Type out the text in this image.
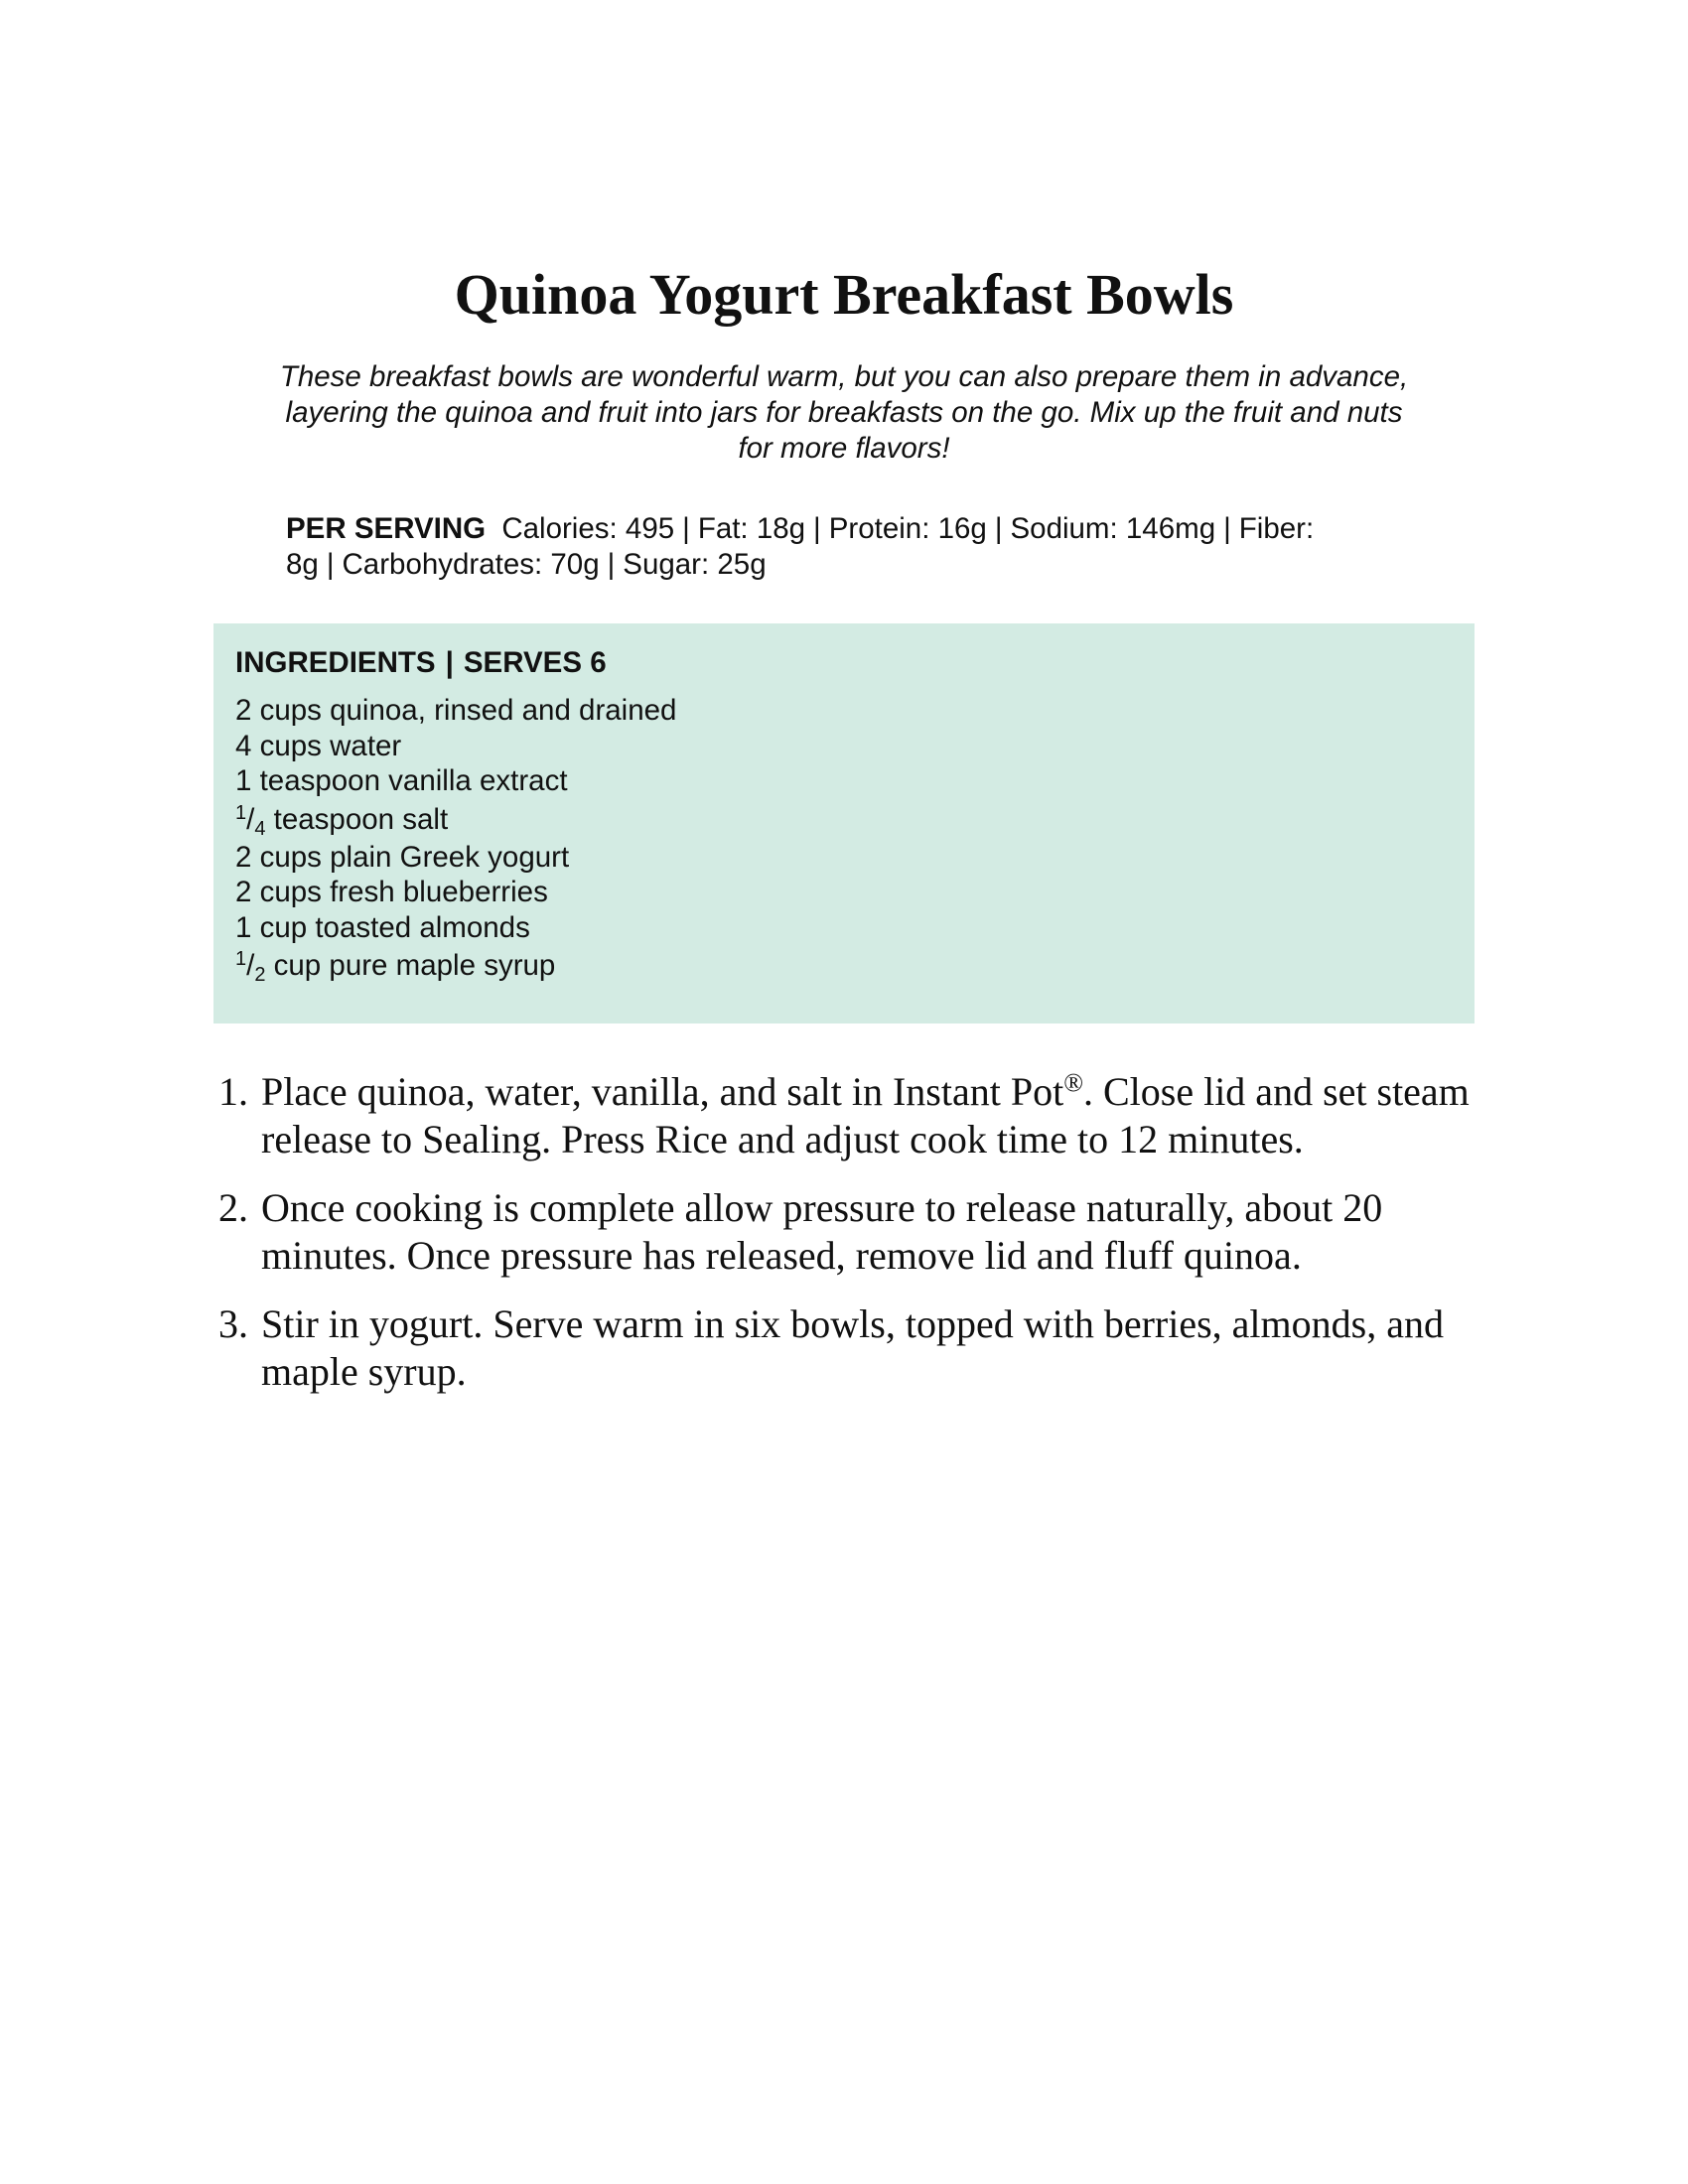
Quinoa Yogurt Breakfast Bowls

These breakfast bowls are wonderful warm, but you can also prepare them in advance, layering the quinoa and fruit into jars for breakfasts on the go. Mix up the fruit and nuts for more flavors!

PER SERVING Calories: 495 | Fat: 18g | Protein: 16g | Sodium: 146mg | Fiber: 8g | Carbohydrates: 70g | Sugar: 25g

INGREDIENTS | SERVES 6
2 cups quinoa, rinsed and drained
4 cups water
1 teaspoon vanilla extract
$^1/_4$ teaspoon salt
2 cups plain Greek yogurt
2 cups fresh blueberries
1 cup toasted almonds
$^1/_2$ cup pure maple syrup
1. Place quinoa, water, vanilla, and salt in Instant Pot®. Close lid and set steam release to Sealing. Press Rice and adjust cook time to 12 minutes.
2. Once cooking is complete allow pressure to release naturally, about 20 minutes. Once pressure has released, remove lid and fluff quinoa.
3. Stir in yogurt. Serve warm in six bowls, topped with berries, almonds, and maple syrup.
